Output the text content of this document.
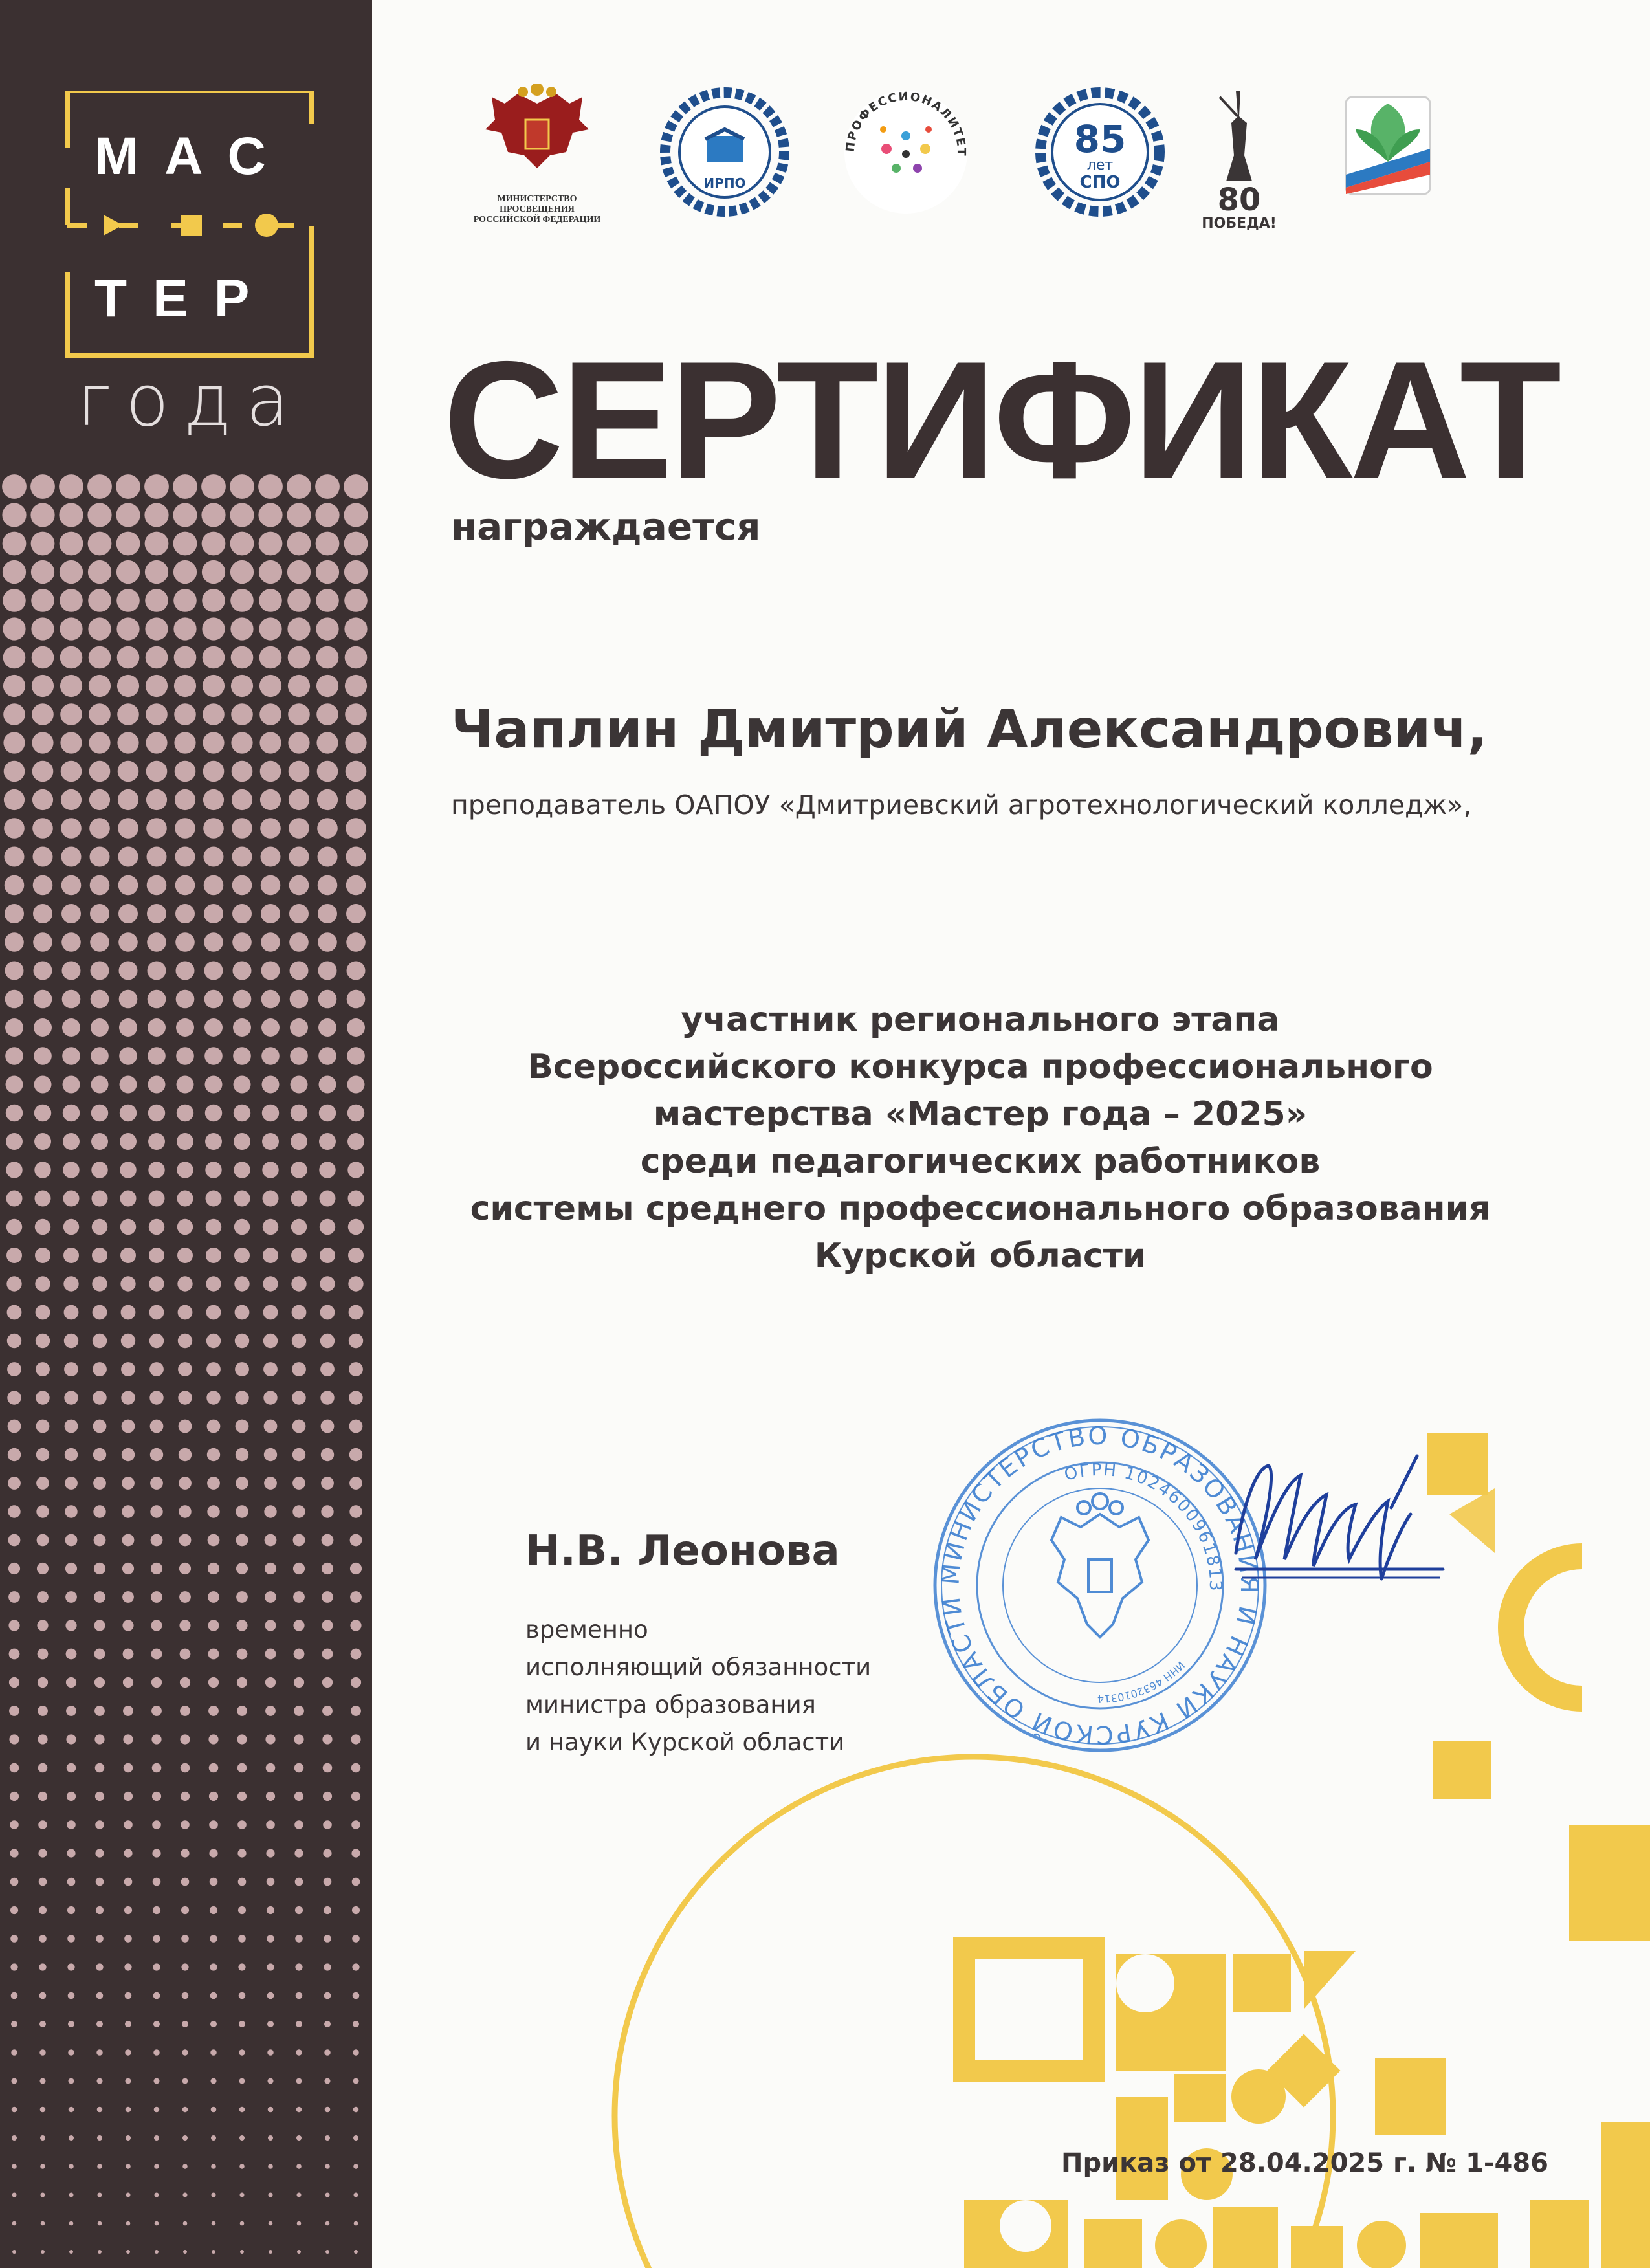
МАС
ТЕР
года
МИНИСТЕРСТВО ПРОСВЕЩЕНИЯ РОССИЙСКОЙ ФЕДЕРАЦИИ
ИРПО
ПРОФЕССИОНАЛИТЕТ	85
лет
СПО	80
ПОБЕДА!
СЕРТИФИКАТ
награждается
Чаплин Дмитрий Александрович,
преподаватель ОАПОУ «Дмитриевский агротехнологический колледж»,
участник регионального этапа
Всероссийского конкурса профессионального
мастерства «Мастер года – 2025»
среди педагогических работников
системы среднего профессионального образования
Курской области
МИНИСТЕРСТВО ОБРАЗОВАНИЯ И НАУКИ КУРСКОЙ ОБЛАСТИ
ОГРН 1024600961813
ИНН 4632010314
Н.В. Леонова
временно
исполняющий обязанности
министра образования
и науки Курской области
Приказ от 28.04.2025 г. № 1-486
